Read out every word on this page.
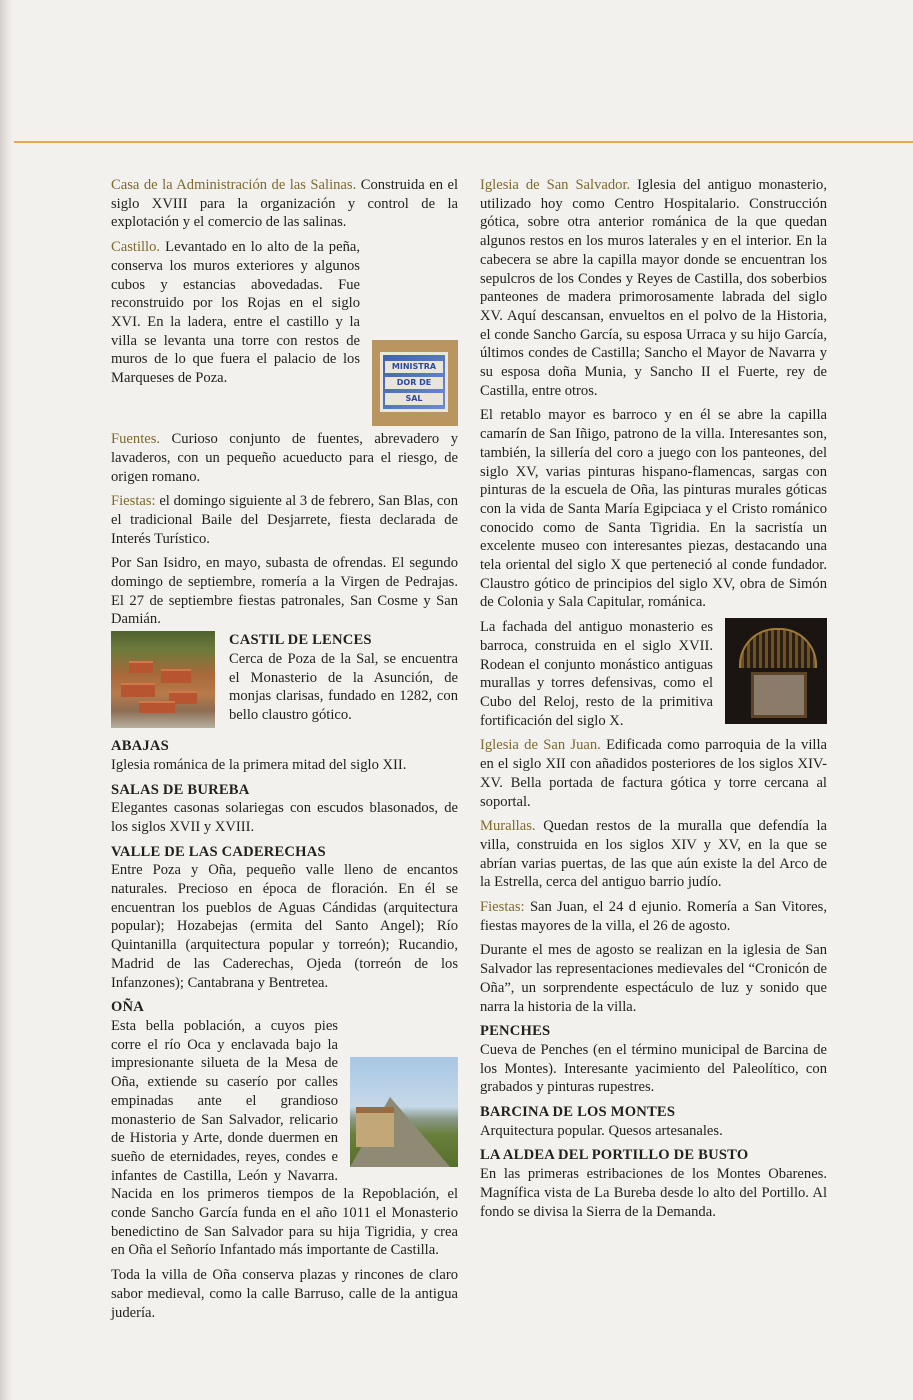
Casa de la Administración de las Salinas. Construida en el siglo XVIII para la organización y control de la explotación y el comercio de las salinas.

MINISTRA
DOR DE
SAL
Castillo. Levantado en lo alto de la peña, conserva los muros exteriores y algunos cubos y estancias abovedadas. Fue reconstruido por los Rojas en el siglo XVI. En la ladera, entre el castillo y la villa se levanta una torre con restos de muros de lo que fuera el palacio de los Marqueses de Poza.

Fuentes. Curioso conjunto de fuentes, abrevadero y lavaderos, con un pequeño acueducto para el riesgo, de origen romano.

Fiestas: el domingo siguiente al 3 de febrero, San Blas, con el tradicional Baile del Desjarrete, fiesta declarada de Interés Turístico.

Por San Isidro, en mayo, subasta de ofrendas. El segundo domingo de septiembre, romería a la Virgen de Pedrajas. El 27 de septiembre fiestas patronales, San Cosme y San Damián.

CASTIL DE LENCES

Cerca de Poza de la Sal, se encuentra el Monasterio de la Asunción, de monjas clarisas, fundado en 1282, con bello claustro gótico.

ABAJAS

Iglesia románica de la primera mitad del siglo XII.

SALAS DE BUREBA

Elegantes casonas solariegas con escudos blasonados, de los siglos XVII y XVIII.

VALLE DE LAS CADERECHAS

Entre Poza y Oña, pequeño valle lleno de encantos naturales. Precioso en época de floración. En él se encuentran los pueblos de Aguas Cándidas (arquitectura popular); Hozabejas (ermita del Santo Angel); Río Quintanilla (arquitectura popular y torreón); Rucandio, Madrid de las Caderechas, Ojeda (torreón de los Infanzones); Cantabrana y Bentretea.

OÑA

Esta bella población, a cuyos pies corre el río Oca y enclavada bajo la impresionante silueta de la Mesa de Oña, extiende su caserío por calles empinadas ante el grandioso monasterio de San Salvador, relicario de Historia y Arte, donde duermen en sueño de eternidades, reyes, condes e infantes de Castilla, León y Navarra. Nacida en los primeros tiempos de la Repoblación, el conde Sancho García funda en el año 1011 el Monasterio benedictino de San Salvador para su hija Tigridia, y crea en Oña el Señorío Infantado más importante de Castilla.

Toda la villa de Oña conserva plazas y rincones de claro sabor medieval, como la calle Barruso, calle de la antigua judería.

Iglesia de San Salvador. Iglesia del antiguo monasterio, utilizado hoy como Centro Hospitalario. Construcción gótica, sobre otra anterior románica de la que quedan algunos restos en los muros laterales y en el interior. En la cabecera se abre la capilla mayor donde se encuentran los sepulcros de los Condes y Reyes de Castilla, dos soberbios panteones de madera primorosamente labrada del siglo XV. Aquí descansan, envueltos en el polvo de la Historia, el conde Sancho García, su esposa Urraca y su hijo García, últimos condes de Castilla; Sancho el Mayor de Navarra y su esposa doña Munia, y Sancho II el Fuerte, rey de Castilla, entre otros.

El retablo mayor es barroco y en él se abre la capilla camarín de San Iñigo, patrono de la villa. Interesantes son, también, la sillería del coro a juego con los panteones, del siglo XV, varias pinturas hispano-flamencas, sargas con pinturas de la escuela de Oña, las pinturas murales góticas con la vida de Santa María Egipciaca y el Cristo románico conocido como de Santa Tigridia. En la sacristía un excelente museo con interesantes piezas, destacando una tela oriental del siglo X que perteneció al conde fundador. Claustro gótico de principios del siglo XV, obra de Simón de Colonia y Sala Capitular, románica.

La fachada del antiguo monasterio es barroca, construida en el siglo XVII. Rodean el conjunto monástico antiguas murallas y torres defensivas, como el Cubo del Reloj, resto de la primitiva fortificación del siglo X.

Iglesia de San Juan. Edificada como parroquia de la villa en el siglo XII con añadidos posteriores de los siglos XIV-XV. Bella portada de factura gótica y torre cercana al soportal.

Murallas. Quedan restos de la muralla que defendía la villa, construida en los siglos XIV y XV, en la que se abrían varias puertas, de las que aún existe la del Arco de la Estrella, cerca del antiguo barrio judío.

Fiestas: San Juan, el 24 d ejunio. Romería a San Vitores, fiestas mayores de la villa, el 26 de agosto.

Durante el mes de agosto se realizan en la iglesia de San Salvador las representaciones medievales del “Cronicón de Oña”, un sorprendente espectáculo de luz y sonido que narra la historia de la villa.

PENCHES

Cueva de Penches (en el término municipal de Barcina de los Montes). Interesante yacimiento del Paleolítico, con grabados y pinturas rupestres.

BARCINA DE LOS MONTES

Arquitectura popular. Quesos artesanales.

LA ALDEA DEL PORTILLO DE BUSTO

En las primeras estribaciones de los Montes Obarenes. Magnífica vista de La Bureba desde lo alto del Portillo. Al fondo se divisa la Sierra de la Demanda.
